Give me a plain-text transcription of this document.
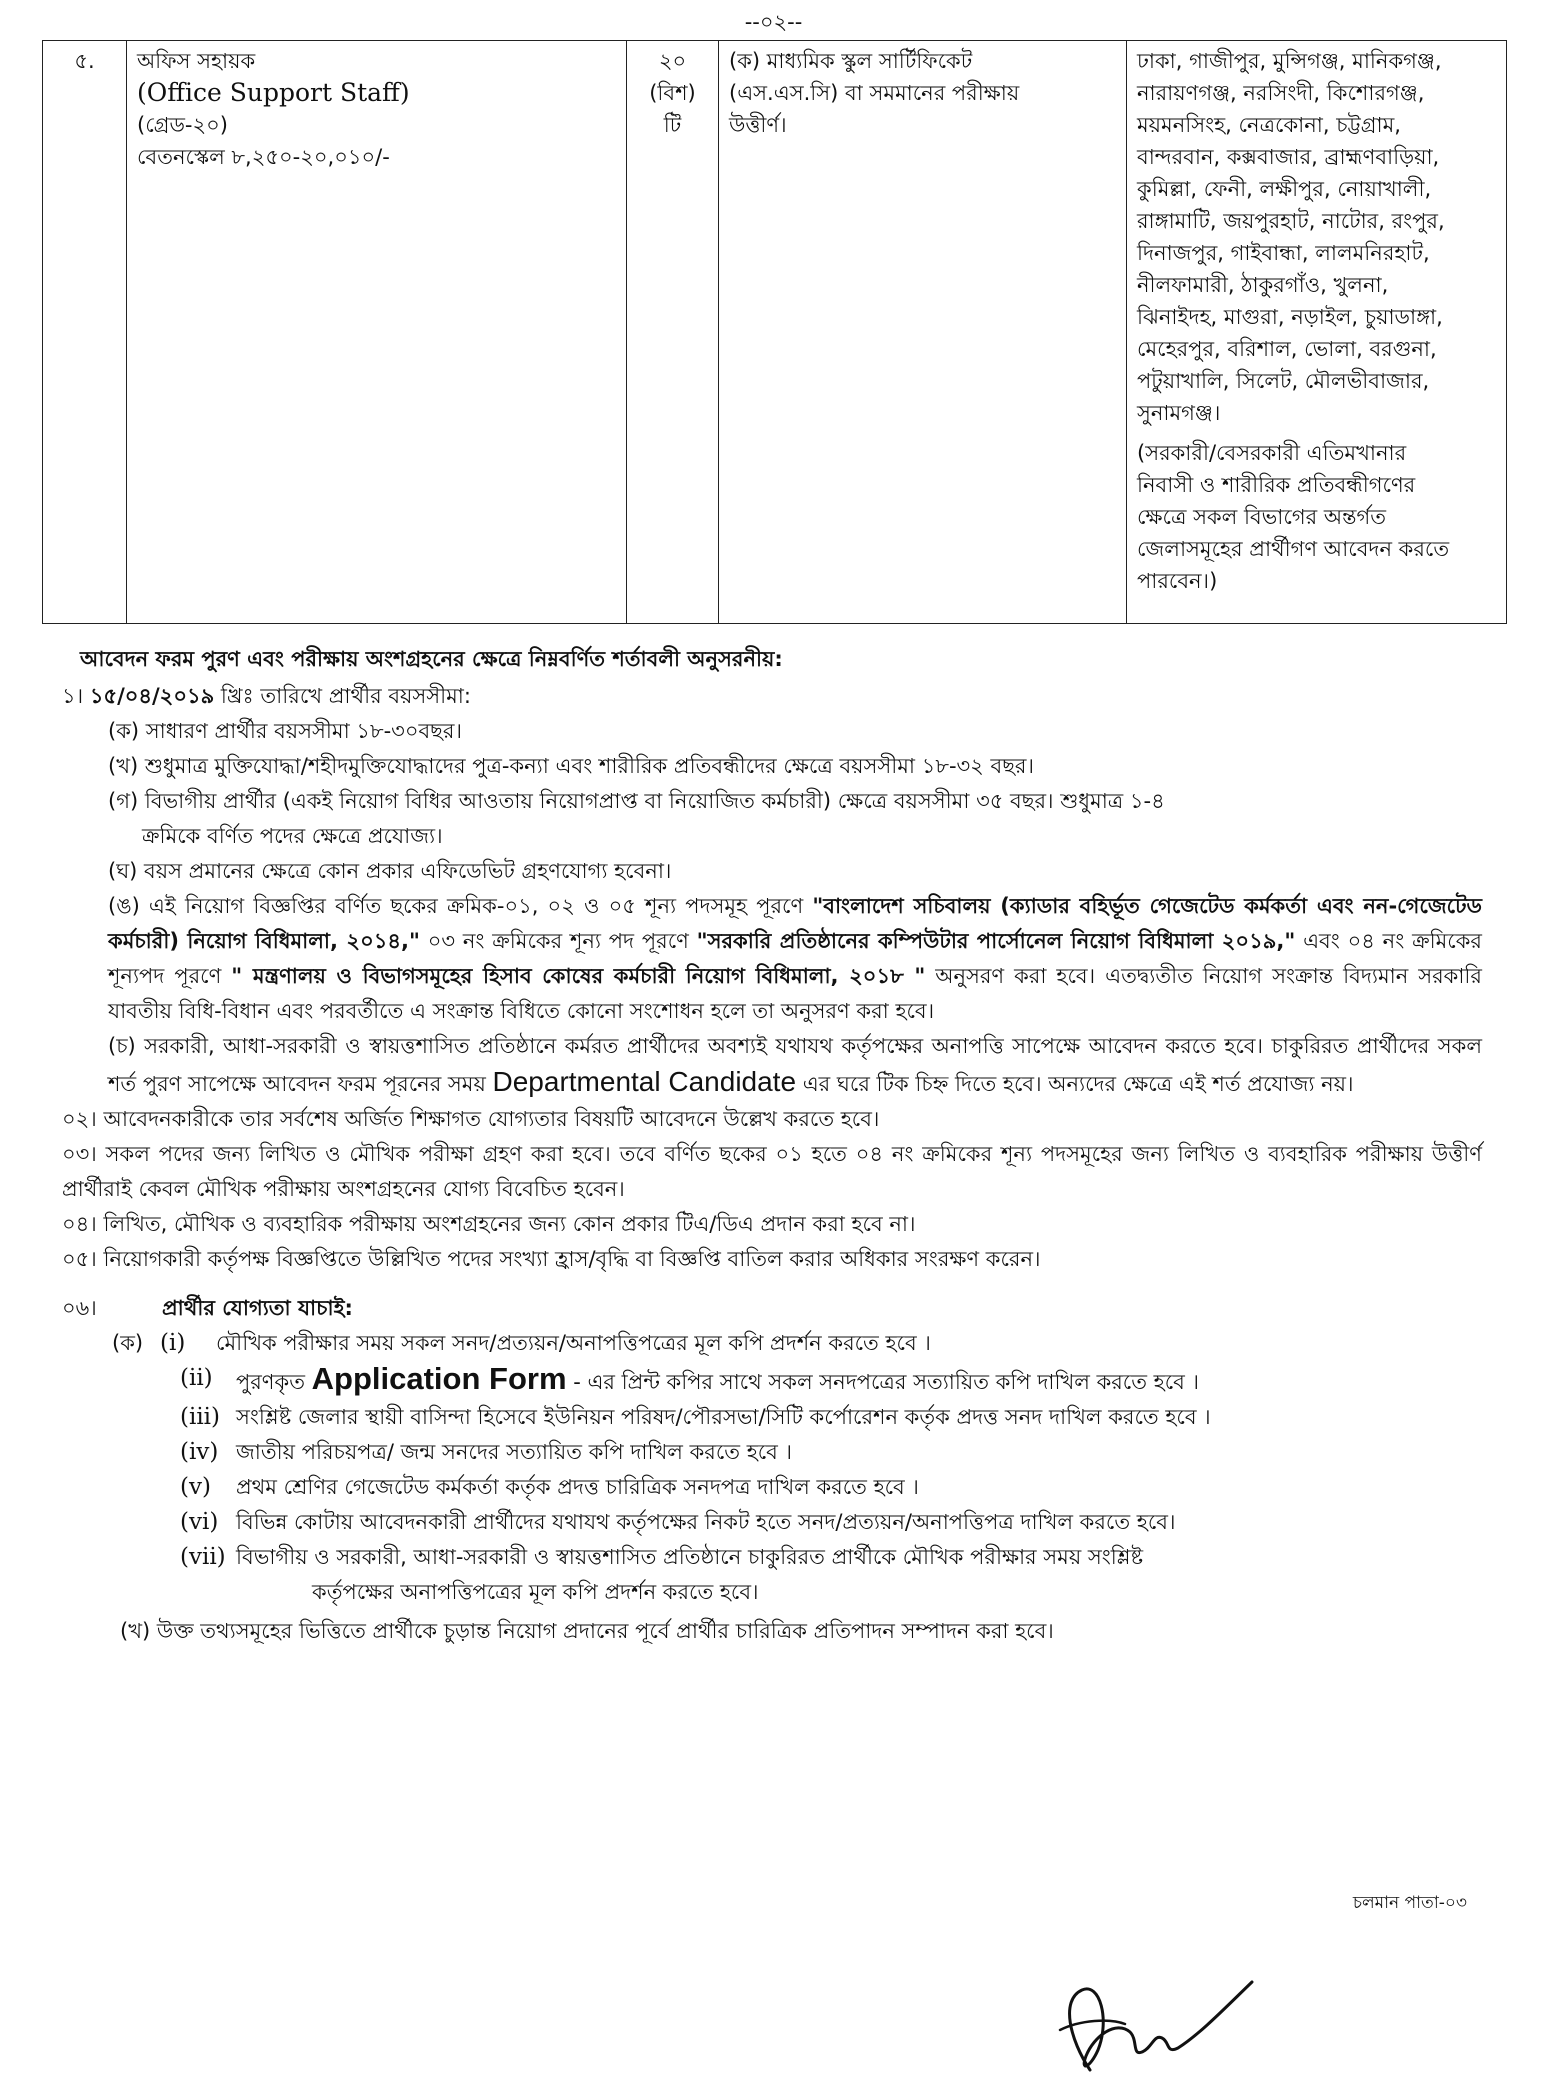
--০২--
৫.	অফিস সহায়ক
(Office Support Staff)
(গ্রেড-২০)
বেতনস্কেল ৮,২৫০-২০,০১০/-

২০
(বিশ)
টি

(ক) মাধ্যমিক স্কুল সার্টিফিকেট
(এস.এস.সি) বা সমমানের পরীক্ষায়
উত্তীর্ণ।

ঢাকা, গাজীপুর, মুন্সিগঞ্জ, মানিকগঞ্জ,
নারায়ণগঞ্জ, নরসিংদী, কিশোরগঞ্জ,
ময়মনসিংহ, নেত্রকোনা, চট্টগ্রাম,
বান্দরবান, কক্সবাজার, ব্রাহ্মণবাড়িয়া,
কুমিল্লা, ফেনী, লক্ষীপুর, নোয়াখালী,
রাঙ্গামাটি, জয়পুরহাট, নাটোর, রংপুর,
দিনাজপুর, গাইবান্ধা, লালমনিরহাট,
নীলফামারী, ঠাকুরগাঁও, খুলনা,
ঝিনাইদহ, মাগুরা, নড়াইল, চুয়াডাঙ্গা,
মেহেরপুর, বরিশাল, ভোলা, বরগুনা,
পটুয়াখালি, সিলেট, মৌলভীবাজার,
সুনামগঞ্জ।
(সরকারী/বেসরকারী এতিমখানার
নিবাসী ও শারীরিক প্রতিবন্ধীগণের
ক্ষেত্রে সকল বিভাগের অন্তর্গত
জেলাসমূহের প্রার্থীগণ আবেদন করতে
পারবেন।)

আবেদন ফরম পুরণ এবং পরীক্ষায় অংশগ্রহনের ক্ষেত্রে নিম্নবর্ণিত শর্তাবলী অনুসরনীয়:

১। ১৫/০৪/২০১৯ খ্রিঃ তারিখে প্রার্থীর বয়সসীমা:

(ক) সাধারণ প্রার্থীর বয়সসীমা ১৮-৩০বছর।

(খ) শুধুমাত্র মুক্তিযোদ্ধা/শহীদমুক্তিযোদ্ধাদের পুত্র-কন্যা এবং শারীরিক প্রতিবন্ধীদের ক্ষেত্রে বয়সসীমা ১৮-৩২ বছর।

(গ) বিভাগীয় প্রার্থীর (একই নিয়োগ বিধির আওতায় নিয়োগপ্রাপ্ত বা নিয়োজিত কর্মচারী) ক্ষেত্রে বয়সসীমা ৩৫ বছর। শুধুমাত্র ১-৪

ক্রমিকে বর্ণিত পদের ক্ষেত্রে প্রযোজ্য।

(ঘ) বয়স প্রমানের ক্ষেত্রে কোন প্রকার এফিডেভিট গ্রহণযোগ্য হবেনা।

(ঙ) এই নিয়োগ বিজ্ঞপ্তির বর্ণিত ছকের ক্রমিক-০১, ০২ ও ০৫ শূন্য পদসমূহ পূরণে "বাংলাদেশ সচিবালয় (ক্যাডার বহির্ভূত গেজেটেড কর্মকর্তা এবং নন-গেজেটেড কর্মচারী) নিয়োগ বিধিমালা, ২০১৪," ০৩ নং ক্রমিকের শূন্য পদ পূরণে "সরকারি প্রতিষ্ঠানের কম্পিউটার পার্সোনেল নিয়োগ বিধিমালা ২০১৯," এবং ০৪ নং ক্রমিকের শূন্যপদ পূরণে " মন্ত্রণালয় ও বিভাগসমূহের হিসাব কোষের কর্মচারী নিয়োগ বিধিমালা, ২০১৮ " অনুসরণ করা হবে। এতদ্ব্যতীত নিয়োগ সংক্রান্ত বিদ্যমান সরকারি যাবতীয় বিধি-বিধান এবং পরবর্তীতে এ সংক্রান্ত বিধিতে কোনো সংশোধন হলে তা অনুসরণ করা হবে।

(চ) সরকারী, আধা-সরকারী ও স্বায়ত্তশাসিত প্রতিষ্ঠানে কর্মরত প্রার্থীদের অবশ্যই যথাযথ কর্তৃপক্ষের অনাপত্তি সাপেক্ষে আবেদন করতে হবে। চাকুরিরত প্রার্থীদের সকল শর্ত পুরণ সাপেক্ষে আবেদন ফরম পূরনের সময় Departmental Candidate এর ঘরে টিক চিহ্ন দিতে হবে। অন্যদের ক্ষেত্রে এই শর্ত প্রযোজ্য নয়।

০২। আবেদনকারীকে তার সর্বশেষ অর্জিত শিক্ষাগত যোগ্যতার বিষয়টি আবেদনে উল্লেখ করতে হবে।

০৩। সকল পদের জন্য লিখিত ও মৌখিক পরীক্ষা গ্রহণ করা হবে। তবে বর্ণিত ছকের ০১ হতে ০৪ নং ক্রমিকের শূন্য পদসমূহের জন্য লিখিত ও ব্যবহারিক পরীক্ষায় উত্তীর্ণ প্রার্থীরাই কেবল মৌখিক পরীক্ষায় অংশগ্রহনের যোগ্য বিবেচিত হবেন।

০৪। লিখিত, মৌখিক ও ব্যবহারিক পরীক্ষায় অংশগ্রহনের জন্য কোন প্রকার টিএ/ডিএ প্রদান করা হবে না।

০৫। নিয়োগকারী কর্তৃপক্ষ বিজ্ঞপ্তিতে উল্লিখিত পদের সংখ্যা হ্রাস/বৃদ্ধি বা বিজ্ঞপ্তি বাতিল করার অধিকার সংরক্ষণ করেন।

০৬।	প্রার্থীর যোগ্যতা যাচাই:
(ক) (i)	মৌখিক পরীক্ষার সময় সকল সনদ/প্রত্যয়ন/অনাপত্তিপত্রের মূল কপি প্রদর্শন করতে হবে ।
(ii)	পুরণকৃত Application Form - এর প্রিন্ট কপির সাথে সকল সনদপত্রের সত্যায়িত কপি দাখিল করতে হবে ।
(iii) সংশ্লিষ্ট জেলার স্থায়ী বাসিন্দা হিসেবে ইউনিয়ন পরিষদ/পৌরসভা/সিটি কর্পোরেশন কর্তৃক প্রদত্ত সনদ দাখিল করতে হবে ।
(iv) জাতীয় পরিচয়পত্র/ জন্ম সনদের সত্যায়িত কপি দাখিল করতে হবে ।
(v)	প্রথম শ্রেণির গেজেটেড কর্মকর্তা কর্তৃক প্রদত্ত চারিত্রিক সনদপত্র দাখিল করতে হবে ।
(vi) বিভিন্ন কোটায় আবেদনকারী প্রার্থীদের যথাযথ কর্তৃপক্ষের নিকট হতে সনদ/প্রত্যয়ন/অনাপত্তিপত্র দাখিল করতে হবে।
(vii) বিভাগীয় ও সরকারী, আধা-সরকারী ও স্বায়ত্তশাসিত প্রতিষ্ঠানে চাকুরিরত প্রার্থীকে মৌখিক পরীক্ষার সময় সংশ্লিষ্ট

কর্তৃপক্ষের অনাপত্তিপত্রের মূল কপি প্রদর্শন করতে হবে।

(খ) উক্ত তথ্যসমূহের ভিত্তিতে প্রার্থীকে চুড়ান্ত নিয়োগ প্রদানের পূর্বে প্রার্থীর চারিত্রিক প্রতিপাদন সম্পাদন করা হবে।

চলমান পাতা-০৩
